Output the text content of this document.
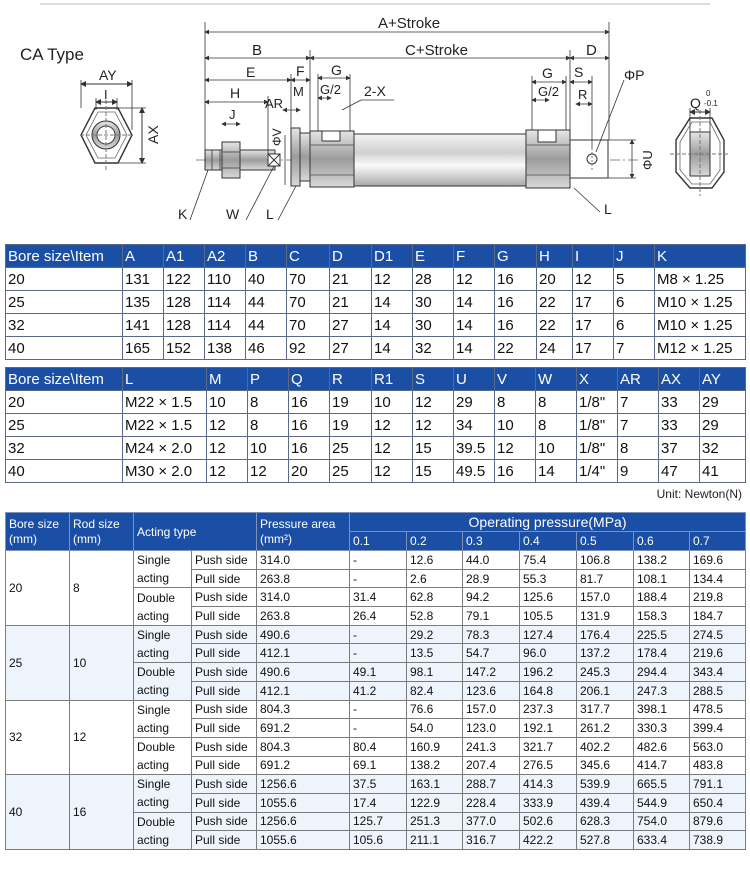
CA Type
AY
I
AX
A+Stroke
C+Stroke
B	D
E	F G
G/2
H	M
AR
2-X
J
ΦV
G S
G/2 R
ΦP
ΦU
K	W L	L
Q
0
-0.1
Bore size\Item	A	A1	A2	B	C	D	D1	E	F	G	H	I	J	K
20	131	122	110	40	70	21	12	28	12	16	20	12	5	M8 × 1.25
25	135	128	114	44	70	21	14	30	14	16	22	17	6	M10 × 1.25
32	141	128	114	44	70	27	14	30	14	16	22	17	6	M10 × 1.25
40	165	152	138	46	92	27	14	32	14	22	24	17	7	M12 × 1.25
Bore size\Item	L	M	P	Q	R	R1	S	U	V	W	X	AR	AX	AY
20	M22 × 1.5	10	8	16	19	10	12	29	8	8	1/8"	7	33	29
25	M22 × 1.5	12	8	16	19	12	12	34	10	8	1/8"	7	33	29
32	M24 × 2.0	12	10	16	25	12	15	39.5	12	10	1/8"	8	37	32
40	M30 × 2.0	12	12	20	25	12	15	49.5	16	14	1/4"	9	47	41
Unit: Newton(N)
Bore size (mm)	Rod size (mm)	Acting type		Pressure area (mm²)	Operating pressure(MPa)						
					0.1	0.2	0.3	0.4	0.5	0.6	0.7
20	8	Single acting	Push side	314.0	-	12.6	44.0	75.4	106.8	138.2	169.6
			Pull side	263.8	-	2.6	28.9	55.3	81.7	108.1	134.4
		Double acting	Push side	314.0	31.4	62.8	94.2	125.6	157.0	188.4	219.8
			Pull side	263.8	26.4	52.8	79.1	105.5	131.9	158.3	184.7
25	10	Single acting	Push side	490.6	-	29.2	78.3	127.4	176.4	225.5	274.5
			Pull side	412.1	-	13.5	54.7	96.0	137.2	178.4	219.6
		Double acting	Push side	490.6	49.1	98.1	147.2	196.2	245.3	294.4	343.4
			Pull side	412.1	41.2	82.4	123.6	164.8	206.1	247.3	288.5
32	12	Single acting	Push side	804.3	-	76.6	157.0	237.3	317.7	398.1	478.5
			Pull side	691.2	-	54.0	123.0	192.1	261.2	330.3	399.4
		Double acting	Push side	804.3	80.4	160.9	241.3	321.7	402.2	482.6	563.0
			Pull side	691.2	69.1	138.2	207.4	276.5	345.6	414.7	483.8
40	16	Single acting	Push side	1256.6	37.5	163.1	288.7	414.3	539.9	665.5	791.1
			Pull side	1055.6	17.4	122.9	228.4	333.9	439.4	544.9	650.4
		Double acting	Push side	1256.6	125.7	251.3	377.0	502.6	628.3	754.0	879.6
			Pull side	1055.6	105.6	211.1	316.7	422.2	527.8	633.4	738.9
